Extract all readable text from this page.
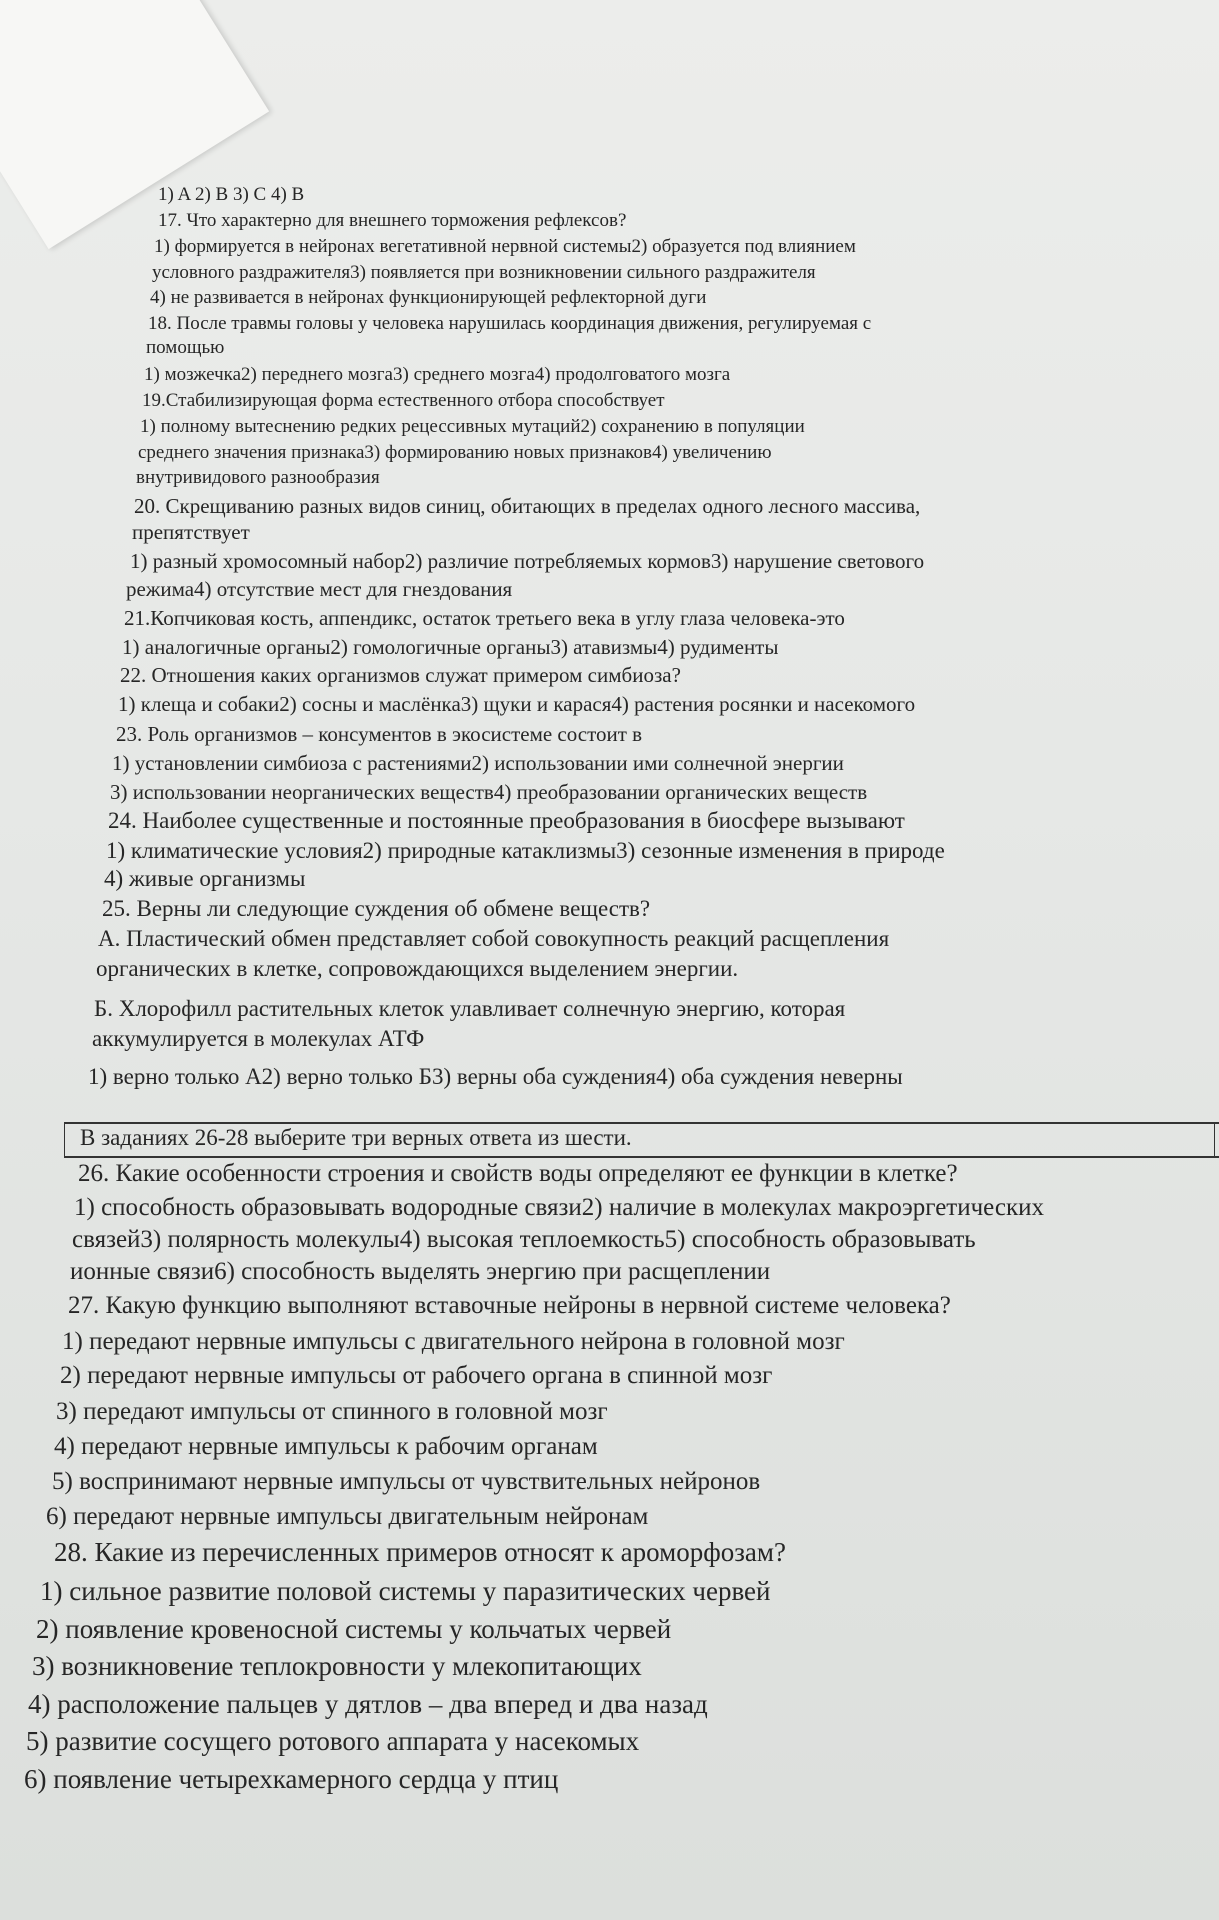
1) A 2) B 3) C 4) B
17. Что характерно для внешнего торможения рефлексов?
1) формируется в нейронах вегетативной нервной системы2) образуется под влиянием
условного раздражителя3) появляется при возникновении сильного раздражителя
4) не развивается в нейронах функционирующей рефлекторной дуги
18. После травмы головы у человека нарушилась координация движения, регулируемая с
помощью
1) мозжечка2) переднего мозга3) среднего мозга4) продолговатого мозга
19.Стабилизирующая форма естественного отбора способствует
1) полному вытеснению редких рецессивных мутаций2) сохранению в популяции
среднего значения признака3) формированию новых признаков4) увеличению
внутривидового разнообразия
20. Скрещиванию разных видов синиц, обитающих в пределах одного лесного массива,
препятствует
1) разный хромосомный набор2) различие потребляемых кормов3) нарушение светового
режима4) отсутствие мест для гнездования
21.Копчиковая кость, аппендикс, остаток третьего века в углу глаза человека-это
1) аналогичные органы2) гомологичные органы3) атавизмы4) рудименты
22. Отношения каких организмов служат примером симбиоза?
1) клеща и собаки2) сосны и маслёнка3) щуки и карася4) растения росянки и насекомого
23. Роль организмов – консументов в экосистеме состоит в
1) установлении симбиоза с растениями2) использовании ими солнечной энергии
3) использовании неорганических веществ4) преобразовании органических веществ
24. Наиболее существенные и постоянные преобразования в биосфере вызывают
1) климатические условия2) природные катаклизмы3) сезонные изменения в природе
4) живые организмы
25. Верны ли следующие суждения об обмене веществ?
А. Пластический обмен представляет собой совокупность реакций расщепления
органических в клетке, сопровождающихся выделением энергии.
Б. Хлорофилл растительных клеток улавливает солнечную энергию, которая
аккумулируется в молекулах АТФ
1) верно только А2) верно только Б3) верны оба суждения4) оба суждения неверны
В заданиях 26-28 выберите три верных ответа из шести.
26. Какие особенности строения и свойств воды определяют ее функции в клетке?
1) способность образовывать водородные связи2) наличие в молекулах макроэргетических
связей3) полярность молекулы4) высокая теплоемкость5) способность образовывать
ионные связи6) способность выделять энергию при расщеплении
27. Какую функцию выполняют вставочные нейроны в нервной системе человека?
1) передают нервные импульсы с двигательного нейрона в головной мозг
2) передают нервные импульсы от рабочего органа в спинной мозг
3) передают импульсы от спинного в головной мозг
4) передают нервные импульсы к рабочим органам
5) воспринимают нервные импульсы от чувствительных нейронов
6) передают нервные импульсы двигательным нейронам
28. Какие из перечисленных примеров относят к ароморфозам?
1) сильное развитие половой системы у паразитических червей
2) появление кровеносной системы у кольчатых червей
3) возникновение теплокровности у млекопитающих
4) расположение пальцев у дятлов – два вперед и два назад
5) развитие сосущего ротового аппарата у насекомых
6) появление четырехкамерного сердца у птиц
